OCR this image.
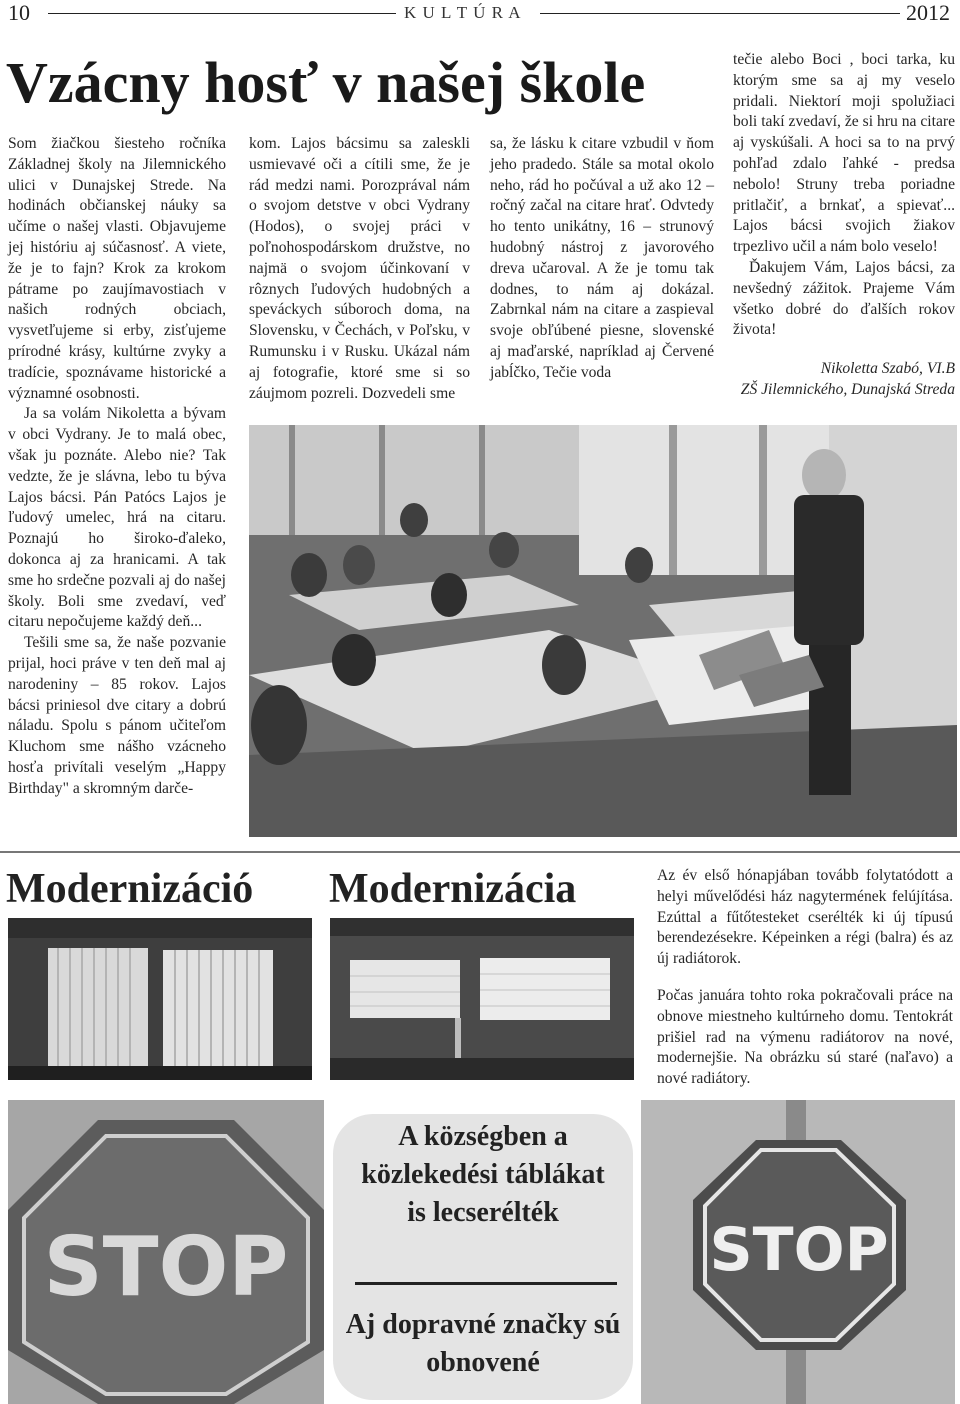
10	K U L T Ú R A	2012
Vzácny hosť v našej škole

Som žiačkou šiesteho ročníka Základnej školy na Jilemnického ulici v Dunajskej Strede. Na hodinách občianskej náuky sa učíme o našej vlasti. Objavujeme jej históriu aj súčasnosť. A viete, že je to fajn? Krok za krokom pátrame po zaujímavostiach v našich rodných obciach, vysvetľujeme si erby, zisťujeme prírodné krásy, kultúrne zvyky a tradície, spoznávame historické a významné osobnosti.

Ja sa volám Nikoletta a bývam v obci Vydrany. Je to malá obec, však ju poznáte. Alebo nie? Tak vedzte, že je slávna, lebo tu býva Lajos bácsi. Pán Patócs Lajos je ľudový umelec, hrá na citaru. Poznajú ho široko-ďaleko, dokonca aj za hranicami. A tak sme ho srdečne pozvali aj do našej školy. Boli sme zvedaví, veď citaru nepočujeme každý deň...

Tešili sme sa, že naše pozvanie prijal, hoci práve v ten deň mal aj narodeniny – 85 rokov. Lajos bácsi priniesol dve citary a dobrú náladu. Spolu s pánom učiteľom Kluchom sme nášho vzácneho hosťa privítali veselým „Happy Birthday" a skromným darče-

kom. Lajos bácsimu sa zaleskli usmievavé oči a cítili sme, že je rád medzi nami. Porozprával nám o svojom detstve v obci Vydrany (Hodos), o svojej práci v poľnohospodárskom družstve, no najmä o svojom účinkovaní v rôznych ľudových hudobných a speváckych súboroch doma, na Slovensku, v Čechách, v Poľsku, v Rumunsku i v Rusku. Ukázal nám aj fotografie, ktoré sme si so záujmom pozreli. Dozvedeli sme

sa, že lásku k citare vzbudil v ňom jeho pradedo. Stále sa motal okolo neho, rád ho počúval a už ako 12 – ročný začal na citare hrať. Odvtedy ho tento unikátny, 16 – strunový hudobný nástroj z javorového dreva učaroval. A že je tomu tak dodnes, to nám aj dokázal. Zabrnkal nám na citare a zaspieval svoje obľúbené piesne, slovenské aj maďarské, napríklad aj Červené jabĺčko, Tečie voda

tečie alebo Boci , boci tarka, ku ktorým sme sa aj my veselo pridali. Niektorí moji spolužiaci boli takí zvedaví, že si hru na citare aj vyskúšali. A hoci sa to na prvý pohľad zdalo ľahké - predsa nebolo! Struny treba poriadne pritlačiť, a brnkať, a spievať... Lajos bácsi svojich žiakov trpezlivo učil a nám bolo veselo!

Ďakujem Vám, Lajos bácsi, za nevšedný zážitok. Prajeme Vám všetko dobré do ďalších rokov života!

Nikoletta Szabó, VI.B

ZŠ Jilemnického, Dunajská Streda

Modernizáció Modernizácia	Az év első hónapjában tovább folytatódott a helyi művelődési ház nagytermének felújítása. Ezúttal a fűtőtesteket cserélték ki új típusú berendezésekre. Képeinken a régi (balra) és az új radiátorok.
Počas januára tohto roka pokračovali práce na obnove miestneho kultúrneho domu. Tentokrát prišiel rad na výmenu radiátorov na nové, modernejšie. Na obrázku sú staré (naľavo) a nové radiátory.
STOP
A községben a közlekedési táblákat is lecserélték
Aj dopravné značky sú obnovené
STOP
